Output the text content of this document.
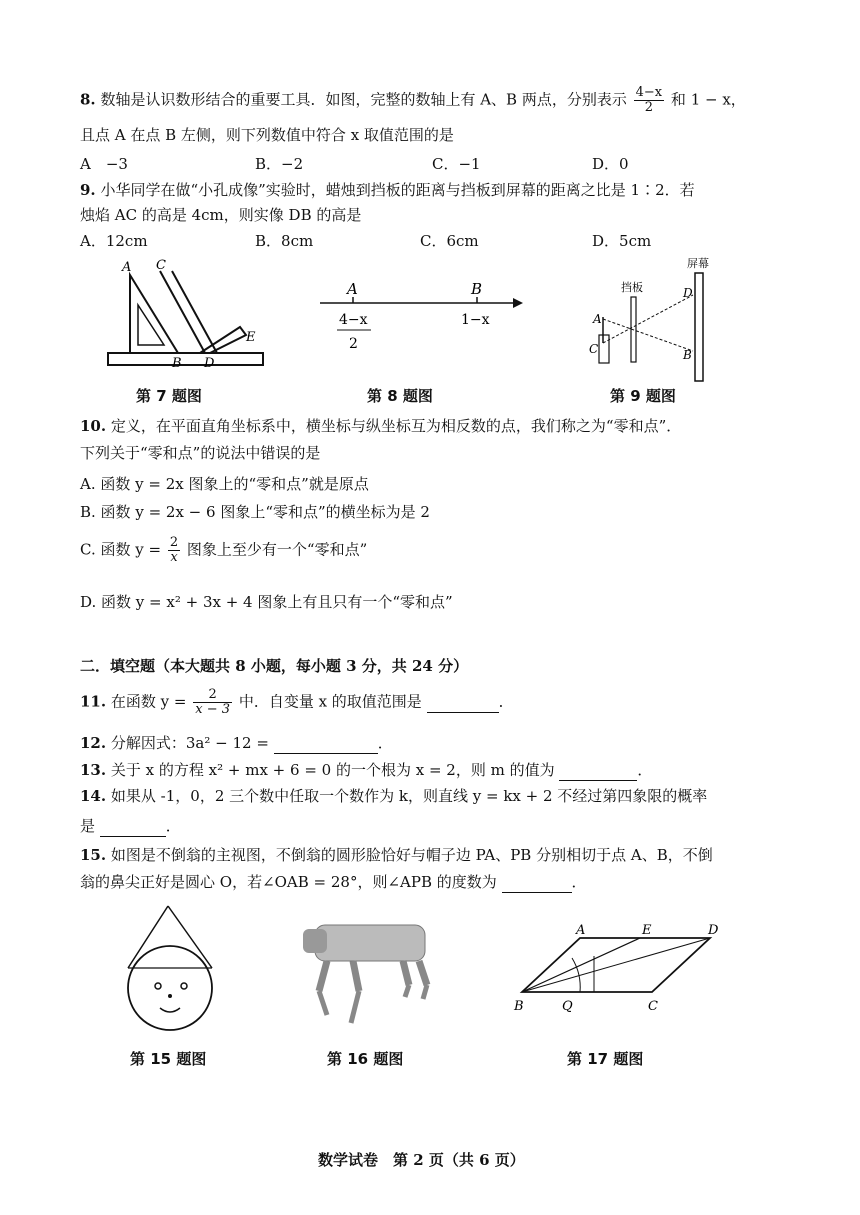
8. 数轴是认识数形结合的重要工具．如图，完整的数轴上有 A、B 两点，分别表示 $\frac{4-x}{2}$ 和 1 − x，
且点 A 在点 B 左侧，则下列数值中符合 x 取值范围的是
A　−3	B．−2	C．−1	D．0
9. 小华同学在做“小孔成像”实验时，蜡烛到挡板的距离与挡板到屏幕的距离之比是 1∶2．若
烛焰 AC 的高是 4cm，则实像 DB 的高是
A．12cm	B．8cm	C．6cm	D．5cm
A C
B D
E
第 7 题图
A	B
4−x
2
1−x
第 8 题图
挡板
屏幕
A
C
D
B
第 9 题图
10. 定义，在平面直角坐标系中，横坐标与纵坐标互为相反数的点，我们称之为“零和点”．
下列关于“零和点”的说法中错误的是
A. 函数 y = 2x 图象上的“零和点”就是原点
B. 函数 y = 2x − 6 图象上“零和点”的横坐标为是 2
C. 函数 $y = \frac{2}{x}$ 图象上至少有一个“零和点”
D. 函数 y = x² + 3x + 4 图象上有且只有一个“零和点”
二．填空题（本大题共 8 小题，每小题 3 分，共 24 分）
11. 在函数 $y = \frac{2}{x - 3}$ 中．自变量 x 的取值范围是	．
12. 分解因式：3a² − 12 =	．
13. 关于 x 的方程 x² + mx + 6 = 0 的一个根为 x = 2，则 m 的值为	．
14. 如果从 -1，0，2 三个数中任取一个数作为 k，则直线 y = kx + 2 不经过第四象限的概率
是	．
15. 如图是不倒翁的主视图，不倒翁的圆形脸恰好与帽子边 PA、PB 分别相切于点 A、B，不倒
翁的鼻尖正好是圆心 O，若∠OAB = 28°，则∠APB 的度数为	．
第 15 题图	第 16 题图
A	E	D
B	Q	C
第 17 题图
数学试卷　第 2 页（共 6 页）
